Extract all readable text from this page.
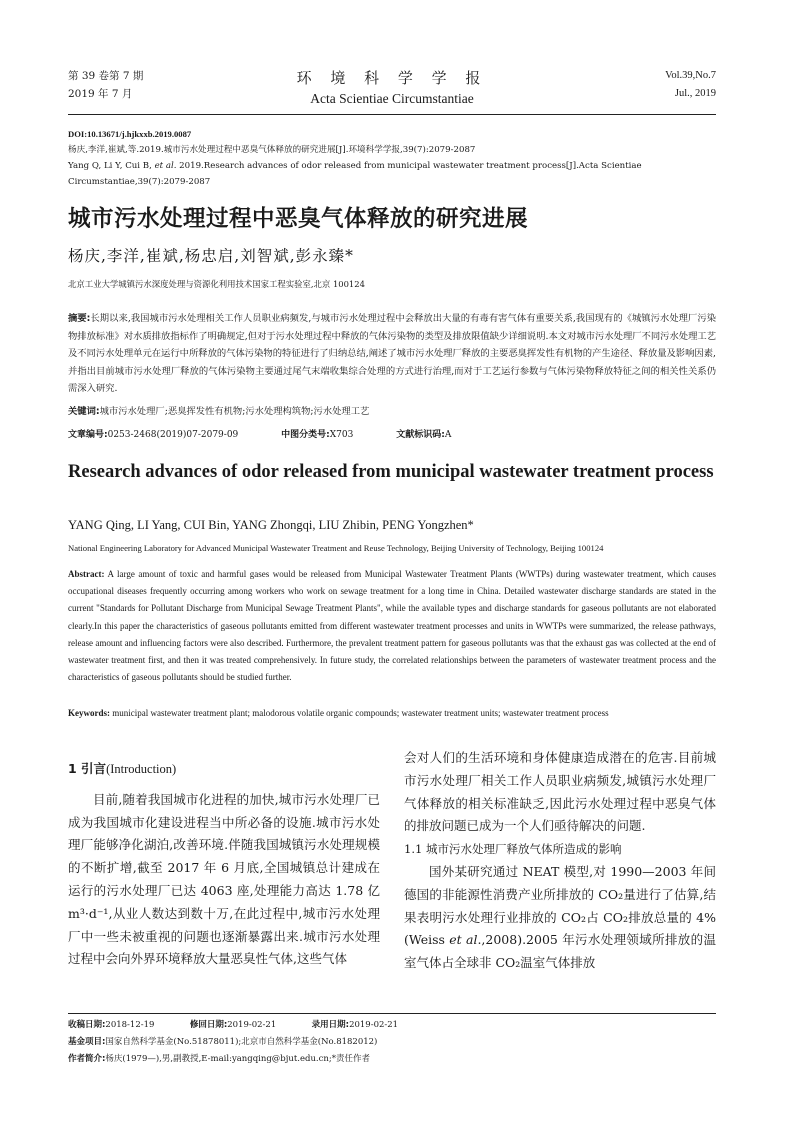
第 39 卷第 7 期
2019 年 7 月
环 境 科 学 学 报
Acta Scientiae Circumstantiae
Vol.39,No.7
Jul., 2019
DOI:10.13671/j.hjkxxb.2019.0087
杨庆,李洋,崔斌,等.2019.城市污水处理过程中恶臭气体释放的研究进展[J].环境科学学报,39(7):2079-2087
Yang Q, Li Y, Cui B, et al. 2019.Research advances of odor released from municipal wastewater treatment process[J].Acta Scientiae Circumstantiae,39(7):2079-2087
城市污水处理过程中恶臭气体释放的研究进展
杨庆,李洋,崔斌,杨忠启,刘智斌,彭永臻*
北京工业大学城镇污水深度处理与资源化利用技术国家工程实验室,北京 100124
摘要:长期以来,我国城市污水处理相关工作人员职业病频发,与城市污水处理过程中会释放出大量的有毒有害气体有重要关系,我国现有的《城镇污水处理厂污染物排放标准》对水质排放指标作了明确规定,但对于污水处理过程中释放的气体污染物的类型及排放限值缺少详细说明.本文对城市污水处理厂不同污水处理工艺及不同污水处理单元在运行中所释放的气体污染物的特征进行了归纳总结,阐述了城市污水处理厂释放的主要恶臭挥发性有机物的产生途径、释放量及影响因素,并指出目前城市污水处理厂释放的气体污染物主要通过尾气末端收集综合处理的方式进行治理,而对于工艺运行参数与气体污染物释放特征之间的相关性关系仍需深入研究.
关键词:城市污水处理厂;恶臭挥发性有机物;污水处理构筑物;污水处理工艺
文章编号:0253-2468(2019)07-2079-09	中图分类号:X703	文献标识码:A
Research advances of odor released from municipal wastewater treatment process
YANG Qing, LI Yang, CUI Bin, YANG Zhongqi, LIU Zhibin, PENG Yongzhen*
National Engineering Laboratory for Advanced Municipal Wastewater Treatment and Reuse Technology, Beijing University of Technology, Beijing 100124
Abstract: A large amount of toxic and harmful gases would be released from Municipal Wastewater Treatment Plants (WWTPs) during wastewater treatment, which causes occupational diseases frequently occurring among workers who work on sewage treatment for a long time in China. Detailed wastewater discharge standards are stated in the current "Standards for Pollutant Discharge from Municipal Sewage Treatment Plants", while the available types and discharge standards for gaseous pollutants are not elaborated clearly.In this paper the characteristics of gaseous pollutants emitted from different wastewater treatment processes and units in WWTPs were summarized, the release pathways, release amount and influencing factors were also described. Furthermore, the prevalent treatment pattern for gaseous pollutants was that the exhaust gas was collected at the end of wastewater treatment first, and then it was treated comprehensively. In future study, the correlated relationships between the parameters of wastewater treatment process and the characteristics of gaseous pollutants should be studied further.
Keywords: municipal wastewater treatment plant; malodorous volatile organic compounds; wastewater treatment units; wastewater treatment process
1 引言(Introduction)

目前,随着我国城市化进程的加快,城市污水处理厂已成为我国城市化建设进程当中所必备的设施.城市污水处理厂能够净化湖泊,改善环境.伴随我国城镇污水处理规模的不断扩增,截至 2017 年 6 月底,全国城镇总计建成在运行的污水处理厂已达 4063 座,处理能力高达 1.78 亿 m³·d⁻¹,从业人数达到数十万,在此过程中,城市污水处理厂中一些未被重视的问题也逐渐暴露出来.城市污水处理过程中会向外界环境释放大量恶臭性气体,这些气体

会对人们的生活环境和身体健康造成潜在的危害.目前城市污水处理厂相关工作人员职业病频发,城镇污水处理厂气体释放的相关标准缺乏,因此污水处理过程中恶臭气体的排放问题已成为一个人们亟待解决的问题.

1.1 城市污水处理厂释放气体所造成的影响

国外某研究通过 NEAT 模型,对 1990—2003 年间德国的非能源性消费产业所排放的 CO₂量进行了估算,结果表明污水处理行业排放的 CO₂占 CO₂排放总量的 4%(Weiss et al.,2008).2005 年污水处理领域所排放的温室气体占全球非 CO₂温室气体排放

收稿日期:2018-12-19	修回日期:2019-02-21	录用日期:2019-02-21
基金项目:国家自然科学基金(No.51878011);北京市自然科学基金(No.8182012)
作者简介:杨庆(1979—),男,副教授,E-mail:yangqing@bjut.edu.cn;*责任作者
